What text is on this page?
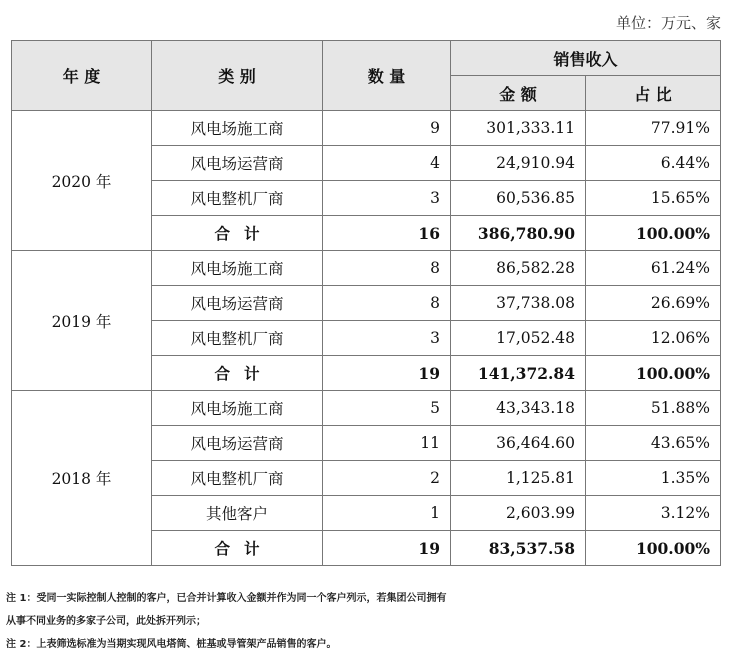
单位：万元、家
年 度	类 别	数 量	销售收入	
			金 额	占 比
2020 年	风电场施工商	9	301,333.11	77.91%
	风电场运营商	4	24,910.94	6.44%
	风电整机厂商	3	60,536.85	15.65%
	合计	16	386,780.90	100.00%
2019 年	风电场施工商	8	86,582.28	61.24%
	风电场运营商	8	37,738.08	26.69%
	风电整机厂商	3	17,052.48	12.06%
	合计	19	141,372.84	100.00%
2018 年	风电场施工商	5	43,343.18	51.88%
	风电场运营商	11	36,464.60	43.65%
	风电整机厂商	2	1,125.81	1.35%
	其他客户	1	2,603.99	3.12%
	合计	19	83,537.58	100.00%
注 1：受同一实际控制人控制的客户，已合并计算收入金额并作为同一个客户列示，若集团公司拥有
从事不同业务的多家子公司，此处拆开列示；
注 2：上表筛选标准为当期实现风电塔筒、桩基或导管架产品销售的客户。
